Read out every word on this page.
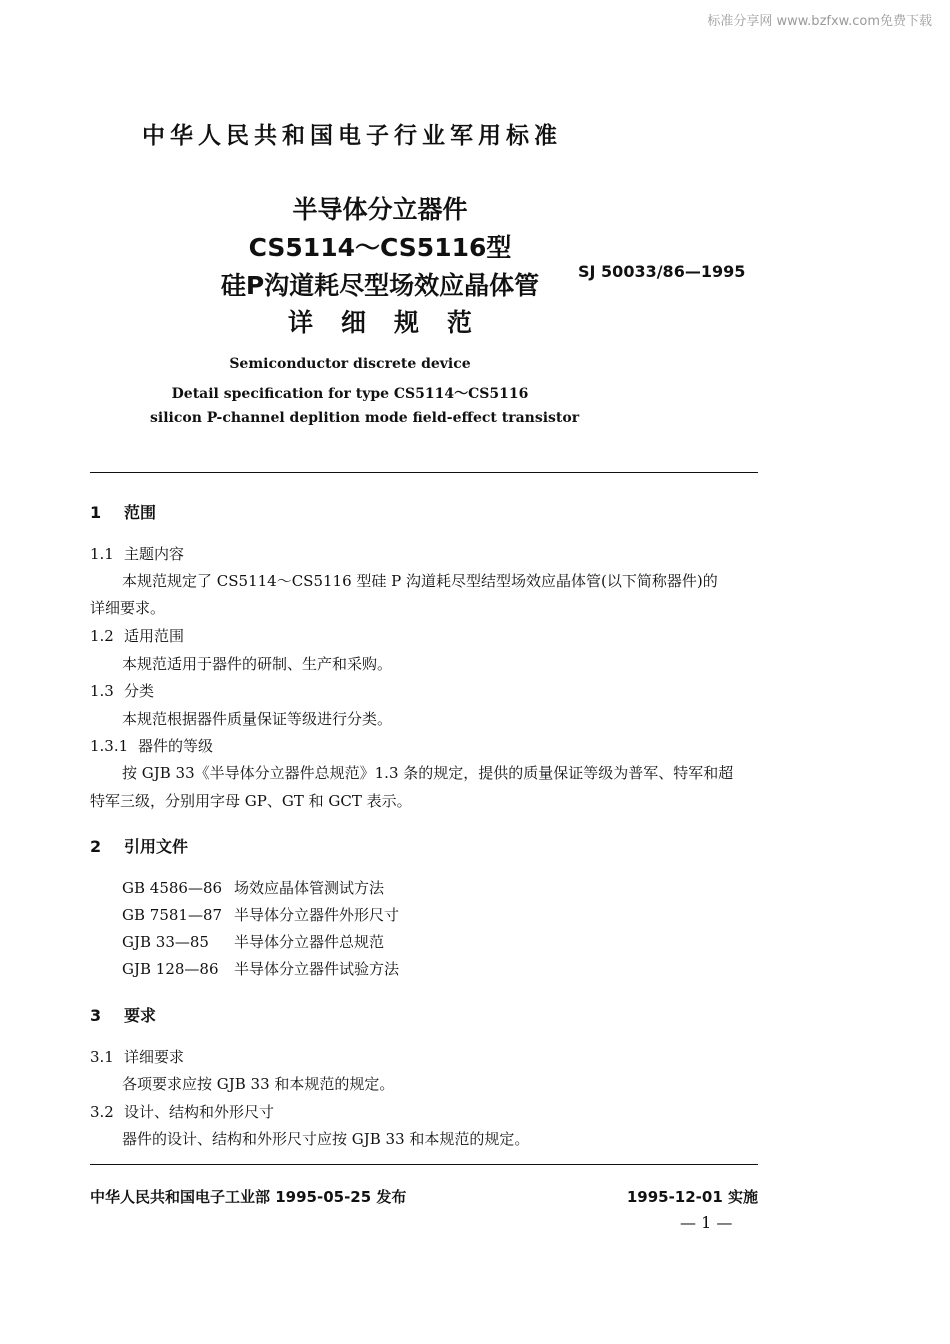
标准分享网 www.bzfxw.com免费下载
中华人民共和国电子行业军用标准
半导体分立器件
CS5114～CS5116型
硅P沟道耗尽型场效应晶体管
详细规范
SJ 50033/86—1995
Semiconductor discrete device
Detail specification for type CS5114～CS5116
silicon P-channel deplition mode field-effect transistor
1 范围
1.1 主题内容
本规范规定了 CS5114～CS5116 型硅 P 沟道耗尽型结型场效应晶体管(以下简称器件)的
详细要求。
1.2 适用范围
本规范适用于器件的研制、生产和采购。
1.3 分类
本规范根据器件质量保证等级进行分类。
1.3.1 器件的等级
按 GJB 33《半导体分立器件总规范》1.3 条的规定，提供的质量保证等级为普军、特军和超
特军三级，分别用字母 GP、GT 和 GCT 表示。
2 引用文件
GB 4586—86 场效应晶体管测试方法
GB 7581—87 半导体分立器件外形尺寸
GJB 33—85 半导体分立器件总规范
GJB 128—86 半导体分立器件试验方法
3 要求
3.1 详细要求
各项要求应按 GJB 33 和本规范的规定。
3.2 设计、结构和外形尺寸
器件的设计、结构和外形尺寸应按 GJB 33 和本规范的规定。
中华人民共和国电子工业部 1995-05-25 发布	1995-12-01 实施
— 1 —
